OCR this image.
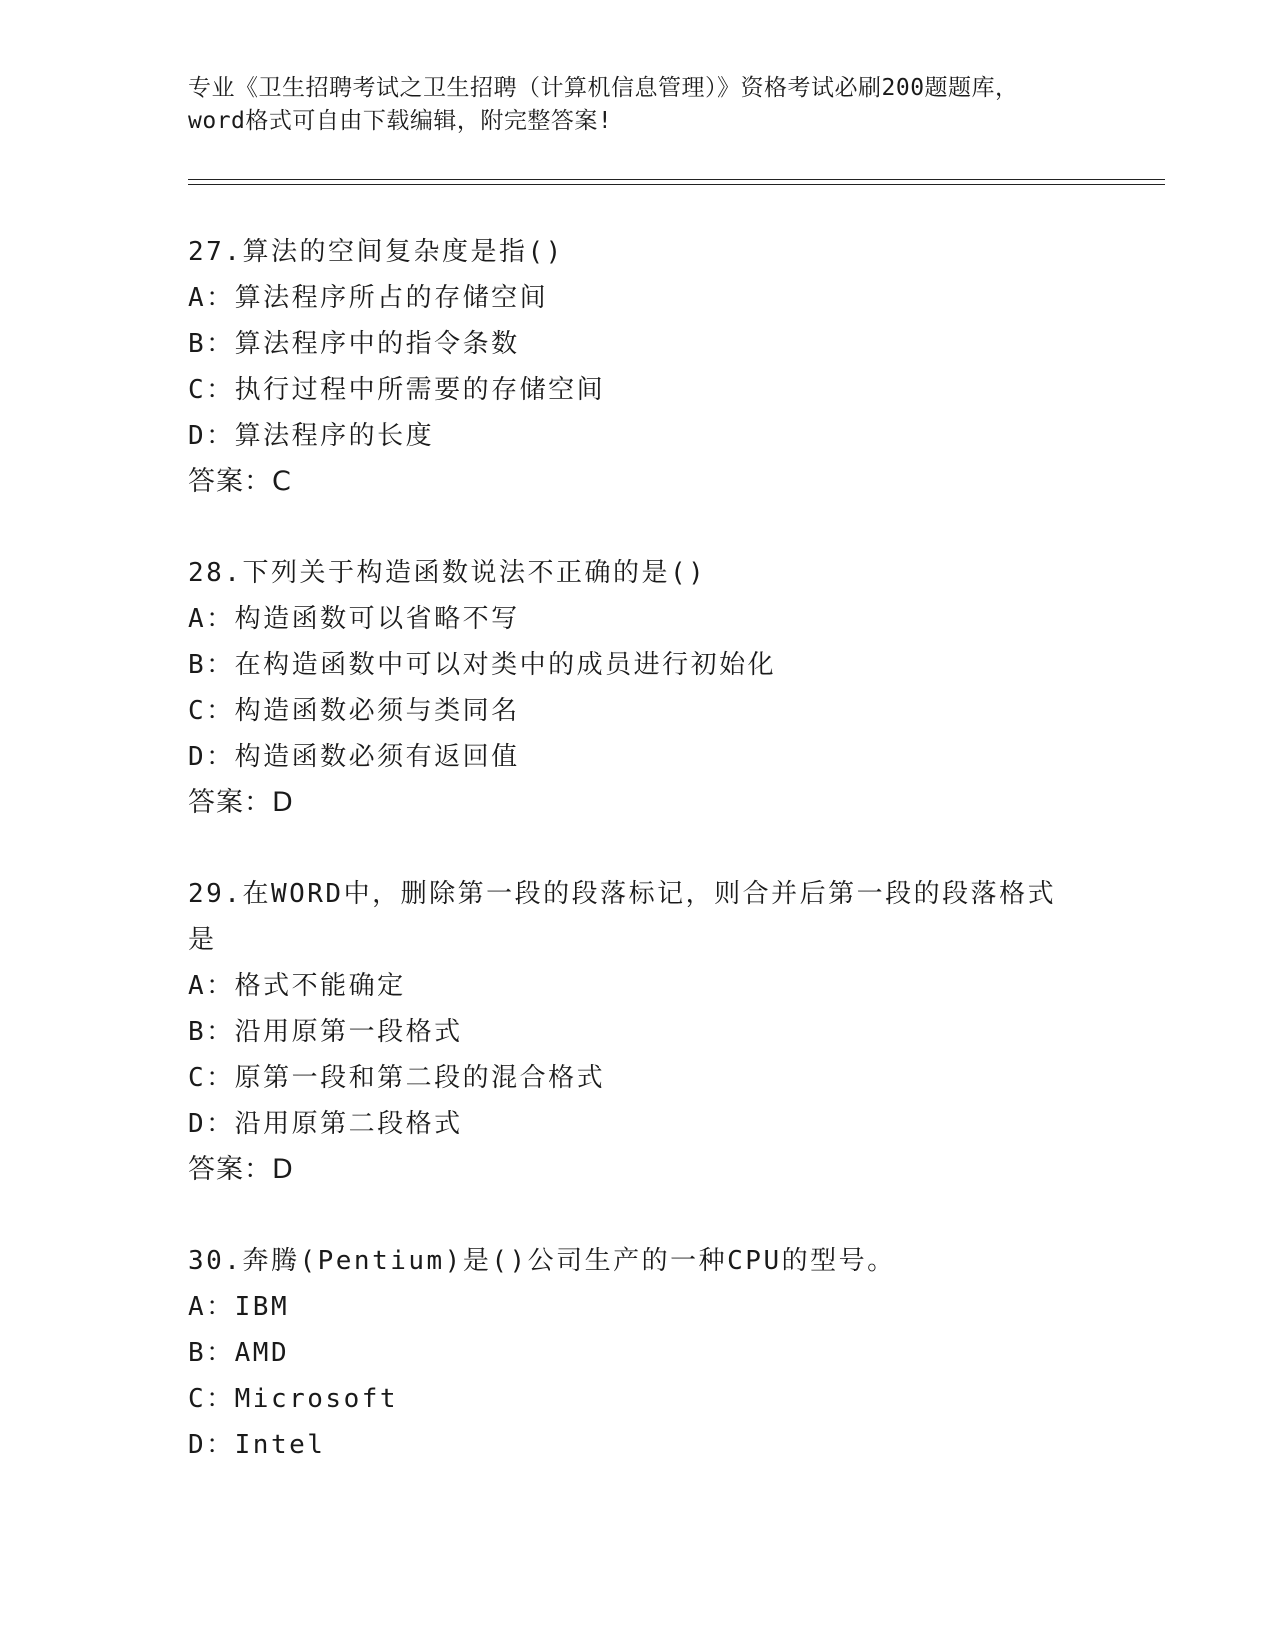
专业《卫生招聘考试之卫生招聘（计算机信息管理）》资格考试必刷200题题库，
word格式可自由下载编辑，附完整答案!
27.算法的空间复杂度是指()
A：算法程序所占的存储空间
B：算法程序中的指令条数
C：执行过程中所需要的存储空间
D：算法程序的长度
答案：C
28.下列关于构造函数说法不正确的是()
A：构造函数可以省略不写
B：在构造函数中可以对类中的成员进行初始化
C：构造函数必须与类同名
D：构造函数必须有返回值
答案：D
29.在WORD中，删除第一段的段落标记，则合并后第一段的段落格式
是
A：格式不能确定
B：沿用原第一段格式
C：原第一段和第二段的混合格式
D：沿用原第二段格式
答案：D
30.奔腾(Pentium)是()公司生产的一种CPU的型号。
A：IBM
B：AMD
C：Microsoft
D：Intel
